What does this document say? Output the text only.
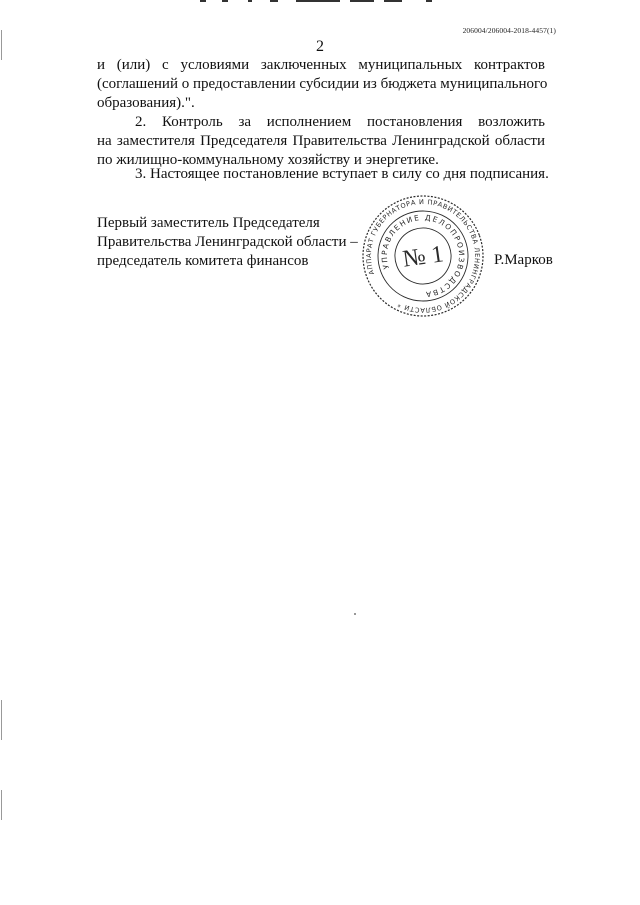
206004/206004-2018-4457(1)
2
и (или) с условиями заключенных муниципальных контрактов
(соглашений о предоставлении субсидии из бюджета муниципального
образования).".
2. Контроль за исполнением постановления возложить
на заместителя Председателя Правительства Ленинградской области
по жилищно-коммунальному хозяйству и энергетике.
3. Настоящее постановление вступает в силу со дня подписания.
Первый заместитель Председателя
Правительства Ленинградской области –
председатель комитета финансов	Р.Марков
АППАРАТ ГУБЕРНАТОРА И ПРАВИТЕЛЬСТВА ЛЕНИНГРАДСКОЙ ОБЛАСТИ *
УПРАВЛЕНИЕ ДЕЛОПРОИЗВОДСТВА
№ 1
